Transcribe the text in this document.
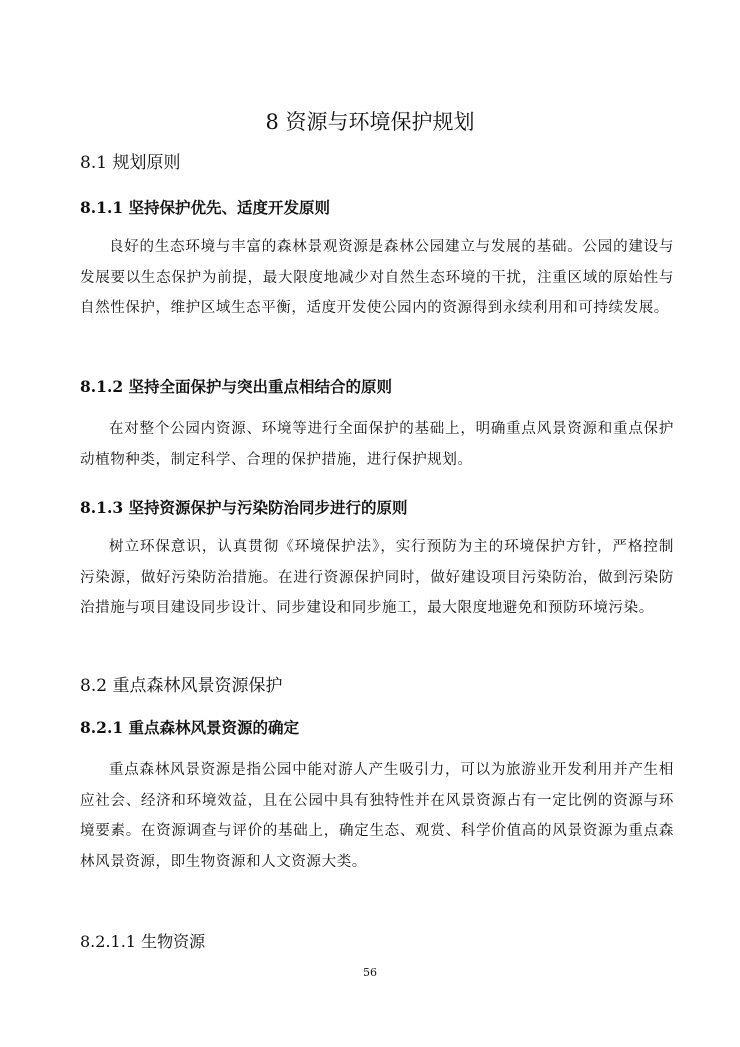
8 资源与环境保护规划
8.1 规划原则
8.1.1 坚持保护优先、适度开发原则

良好的生态环境与丰富的森林景观资源是森林公园建立与发展的基础。公园的建设与发展要以生态保护为前提，最大限度地减少对自然生态环境的干扰，注重区域的原始性与自然性保护，维护区域生态平衡，适度开发使公园内的资源得到永续利用和可持续发展。

8.1.2 坚持全面保护与突出重点相结合的原则

在对整个公园内资源、环境等进行全面保护的基础上，明确重点风景资源和重点保护动植物种类，制定科学、合理的保护措施，进行保护规划。

8.1.3 坚持资源保护与污染防治同步进行的原则

树立环保意识，认真贯彻《环境保护法》，实行预防为主的环境保护方针，严格控制污染源，做好污染防治措施。在进行资源保护同时，做好建设项目污染防治，做到污染防治措施与项目建设同步设计、同步建设和同步施工，最大限度地避免和预防环境污染。

8.2 重点森林风景资源保护
8.2.1 重点森林风景资源的确定

重点森林风景资源是指公园中能对游人产生吸引力，可以为旅游业开发利用并产生相应社会、经济和环境效益，且在公园中具有独特性并在风景资源占有一定比例的资源与环境要素。在资源调查与评价的基础上，确定生态、观赏、科学价值高的风景资源为重点森林风景资源，即生物资源和人文资源大类。

8.2.1.1 生物资源
56
